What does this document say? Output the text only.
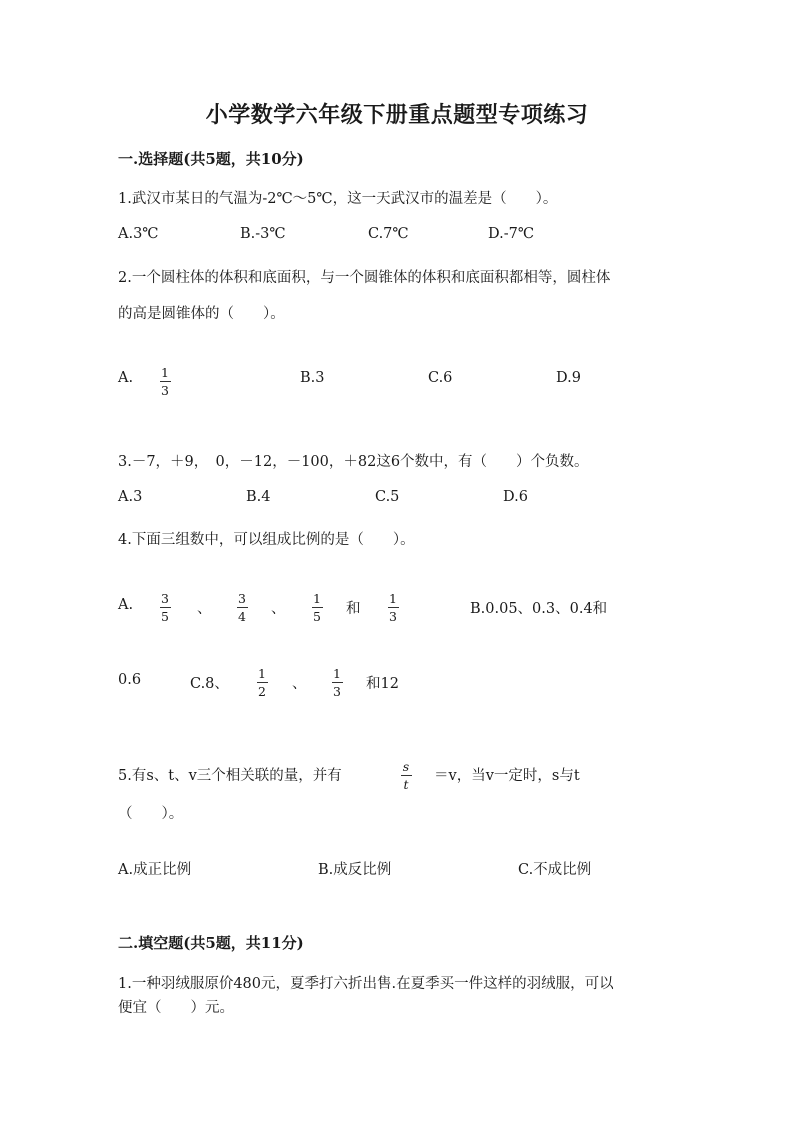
小学数学六年级下册重点题型专项练习
一.选择题(共5题，共10分)
1.武汉市某日的气温为-2℃～5℃，这一天武汉市的温差是（　　）。
A.3℃	B.-3℃	C.7℃	D.-7℃
2.一个圆柱体的体积和底面积，与一个圆锥体的体积和底面积都相等，圆柱体
的高是圆锥体的（　　）。
A. 1
3
B.3	C.6	D.9
3.－7，＋9，　0，－12，－100，＋82这6个数中，有（　　）个负数。
A.3	B.4	C.5	D.6
4.下面三组数中，可以组成比例的是（　　）。
A. 3
5 、
3
4 、
1
5 和
1
3	B.0.05、0.3、0.4和
0.6	C.8、
1
2 、
1
3 和12
5.有s、t、v三个相关联的量，并有
s
t
＝v，当v一定时，s与t
（　　）。
A.成正比例	B.成反比例	C.不成比例
二.填空题(共5题，共11分)
1.一种羽绒服原价480元，夏季打六折出售.在夏季买一件这样的羽绒服，可以
便宜（　　）元。
